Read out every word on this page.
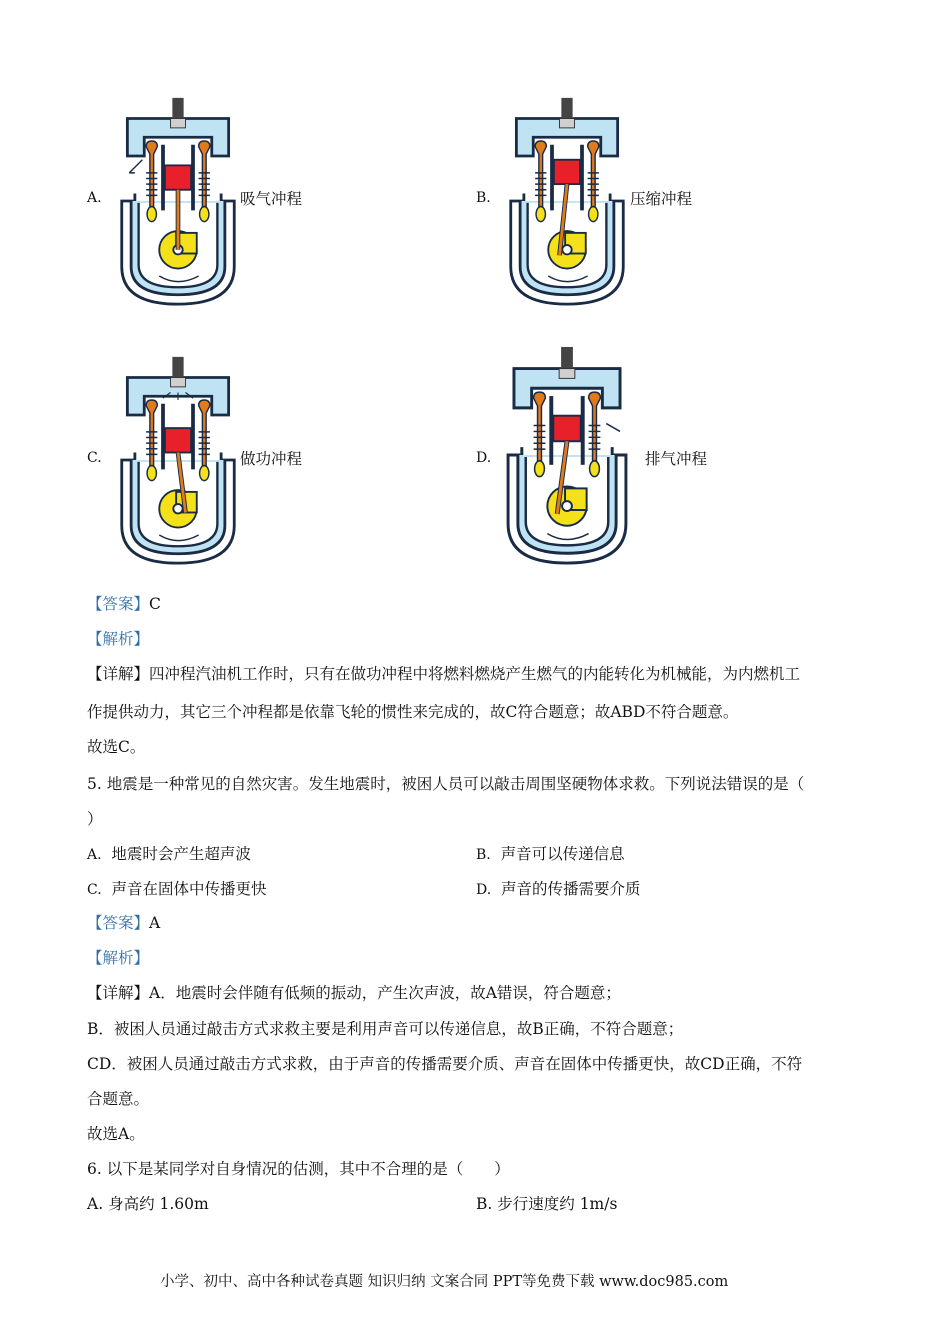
A.	吸气冲程	B.	压缩冲程
C.	做功冲程	D.	排气冲程
【答案】C
【解析】
【详解】四冲程汽油机工作时，只有在做功冲程中将燃料燃烧产生燃气的内能转化为机械能，为内燃机工
作提供动力，其它三个冲程都是依靠飞轮的惯性来完成的，故C符合题意；故ABD不符合题意。
故选C。
5. 地震是一种常见的自然灾害。发生地震时，被困人员可以敲击周围坚硬物体求救。下列说法错误的是（
）
A. 地震时会产生超声波	B. 声音可以传递信息
C. 声音在固体中传播更快	D. 声音的传播需要介质
【答案】A
【解析】
【详解】A．地震时会伴随有低频的振动，产生次声波，故A错误，符合题意；
B．被困人员通过敲击方式求救主要是利用声音可以传递信息，故B正确，不符合题意；
CD．被困人员通过敲击方式求救，由于声音的传播需要介质、声音在固体中传播更快，故CD正确，不符
合题意。
故选A。
6. 以下是某同学对自身情况的估测，其中不合理的是（　　）
A. 身高约 1.60m	B. 步行速度约 1m/s
小学、初中、高中各种试卷真题 知识归纳 文案合同 PPT等免费下载 www.doc985.com
